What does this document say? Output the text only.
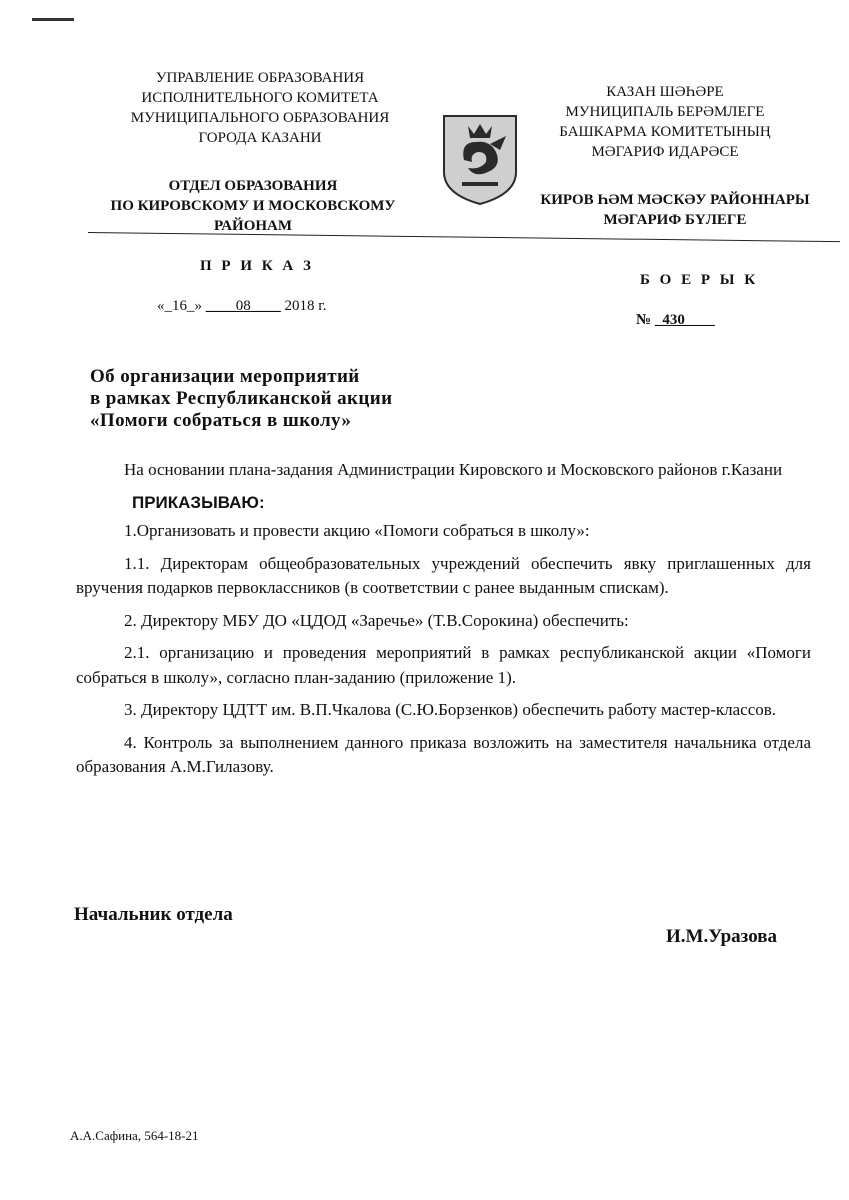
УПРАВЛЕНИЕ ОБРАЗОВАНИЯ
ИСПОЛНИТЕЛЬНОГО КОМИТЕТА
МУНИЦИПАЛЬНОГО ОБРАЗОВАНИЯ
ГОРОДА КАЗАНИ
ОТДЕЛ ОБРАЗОВАНИЯ
ПО КИРОВСКОМУ И МОСКОВСКОМУ
РАЙОНАМ
КАЗАН ШӘҺӘРЕ
МУНИЦИПАЛЬ БЕРӘМЛЕГЕ
БАШКАРМА КОМИТЕТЫНЫҢ
МӘГАРИФ ИДАРӘСЕ
КИРОВ ҺӘМ МӘСКӘУ РАЙОННАРЫ
МӘГАРИФ БҮЛЕГЕ
П Р И К А З
«_16_» ____08____ 2018 г.
Б О Е Р Ы К
№ _430____
Об организации мероприятий
в рамках Республиканской акции
«Помоги собраться в школу»

На основании плана-задания Администрации Кировского и Московского районов г.Казани

ПРИКАЗЫВАЮ:

1.Организовать и провести акцию «Помоги собраться в школу»:

1.1. Директорам общеобразовательных учреждений обеспечить явку приглашенных для вручения подарков первоклассников (в соответствии с ранее выданным спискам).

2. Директору МБУ ДО «ЦДОД «Заречье» (Т.В.Сорокина) обеспечить:

2.1. организацию и проведения мероприятий в рамках республиканской акции «Помоги собраться в школу», согласно план-заданию (приложение 1).

3. Директору ЦДТТ им. В.П.Чкалова (С.Ю.Борзенков) обеспечить работу мастер-классов.

4. Контроль за выполнением данного приказа возложить на заместителя начальника отдела образования А.М.Гилазову.

Начальник отдела
И.М.Уразова
А.А.Сафина, 564-18-21
